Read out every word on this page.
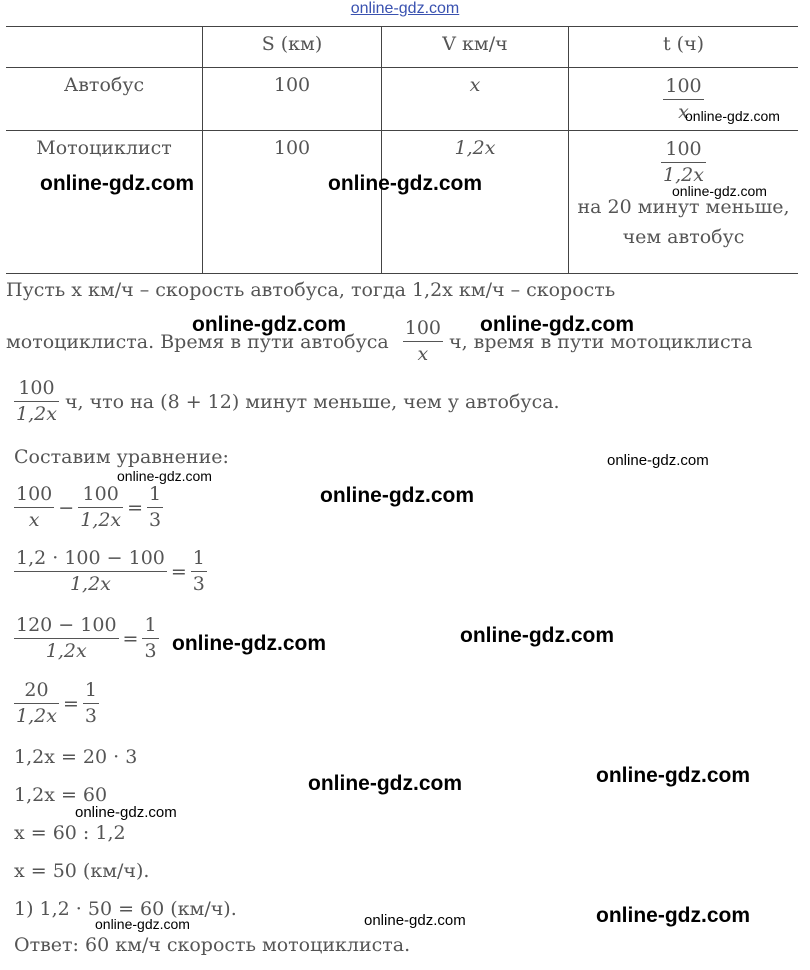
online-gdz.com
	S (км)	V км/ч	t (ч)
Автобус	100	x	$\frac{100}{x}$

Мотоциклист	100	1,2x	$\frac{100}{1,2x}$
на 20 минут меньше,
чем автобус
Пусть x км/ч – скорость автобуса, тогда 1,2x км/ч – скорость
мотоциклиста. Время в пути автобуса $\frac{100}{x} ч$, время в пути мотоциклиста
$\frac{100}{1,2x} ч$, что на (8 + 12) минут меньше, чем у автобуса.
Составим уравнение:
$\frac{100}{x} - \frac{100}{1,2x} = \frac{1}{3}$
$\frac{1,2 \cdot 100 - 100}{1,2x} = \frac{1}{3}$
$\frac{120 - 100}{1,2x} = \frac{1}{3}$
$\frac{20}{1,2x} = \frac{1}{3}$
1,2x = 20 · 3
1,2x = 60
x = 60 : 1,2
x = 50 (км/ч).
1) 1,2 · 50 = 60 (км/ч).
Ответ: 60 км/ч скорость мотоциклиста.
online-gdz.com	online-gdz.com
online-gdz.com
online-gdz.com
online-gdz.com	online-gdz.com
online-gdz.com
online-gdz.com
online-gdz.com
online-gdz.com
online-gdz.com
online-gdz.com
online-gdz.com
online-gdz.com
online-gdz.com
online-gdz.com
online-gdz.com
